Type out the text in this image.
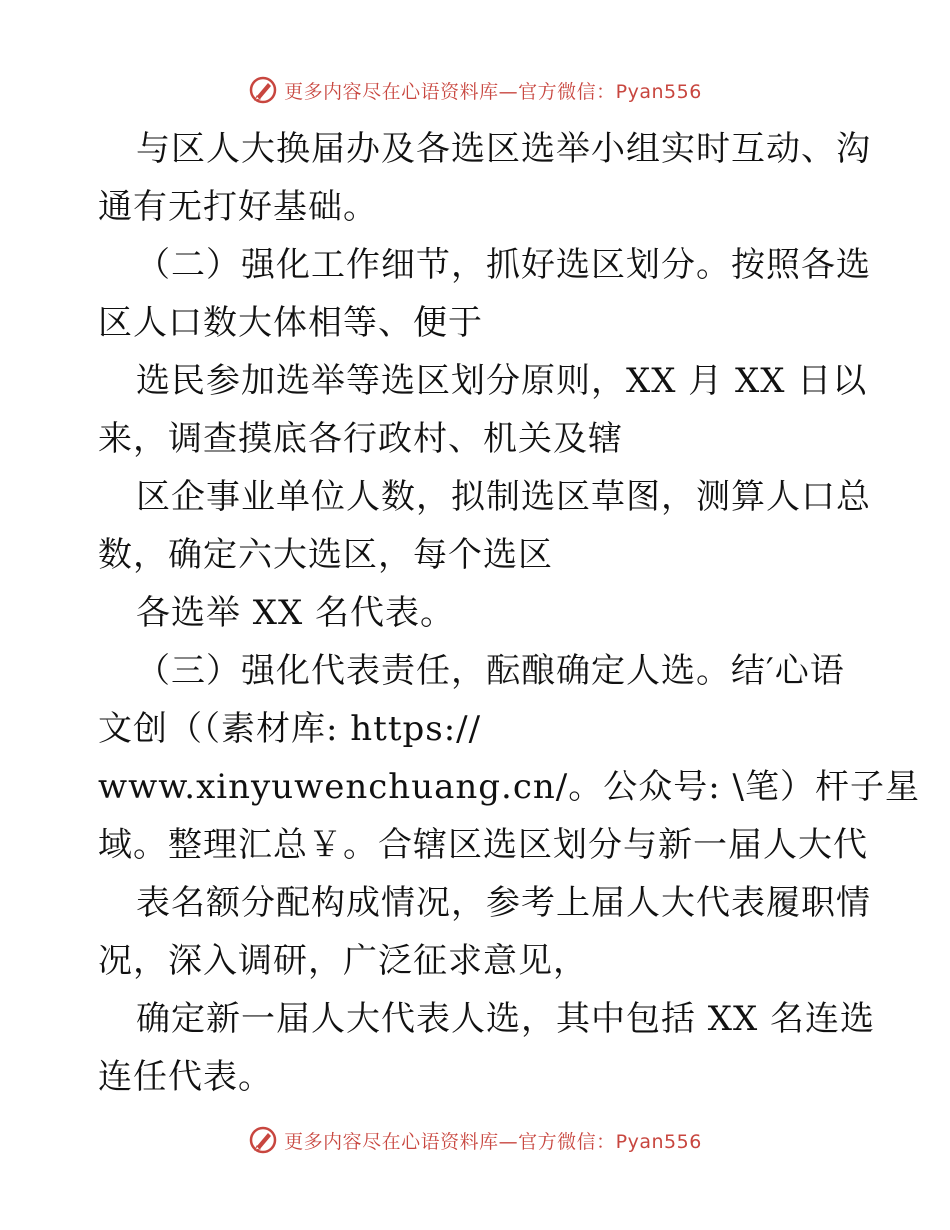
更多内容尽在心语资料库—官方微信：Pyan556
与区人大换届办及各选区选举小组实时互动、沟
通有无打好基础。
（二）强化工作细节，抓好选区划分。按照各选
区人口数大体相等、便于
选民参加选举等选区划分原则，XX 月 XX 日以
来，调查摸底各行政村、机关及辖
区企事业单位人数，拟制选区草图，测算人口总
数，确定六大选区，每个选区
各选举 XX 名代表。
（三）强化代表责任，酝酿确定人选。结′心语
文创（（素材库: https://
www.xinyuwenchuang.cn/。公众号: \笔）杆子星
域。整理汇总￥。合辖区选区划分与新一届人大代
表名额分配构成情况，参考上届人大代表履职情
况，深入调研，广泛征求意见，
确定新一届人大代表人选，其中包括 XX 名连选
连任代表。
更多内容尽在心语资料库—官方微信：Pyan556
